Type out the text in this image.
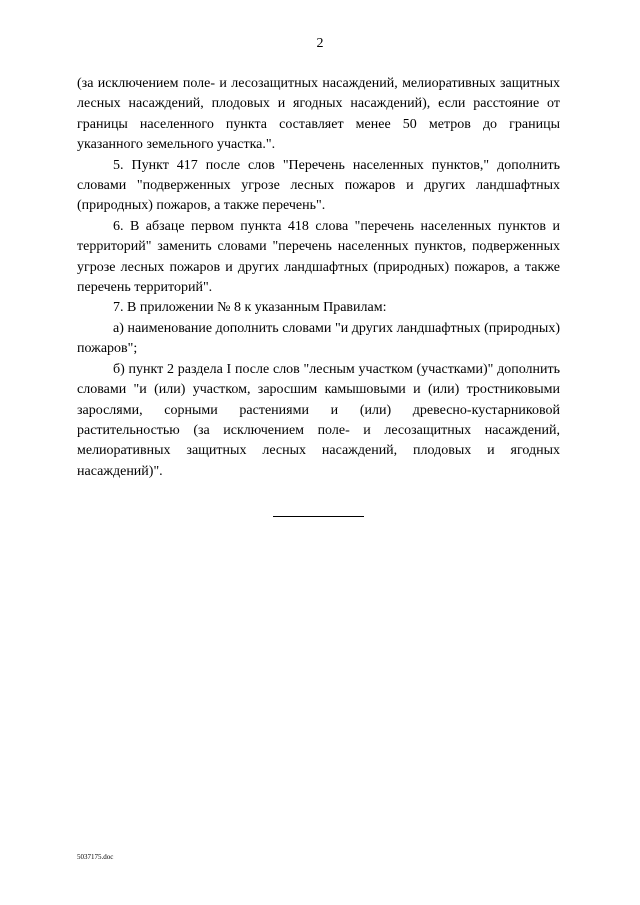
2

(за исключением поле- и лесозащитных насаждений, мелиоративных защитных лесных насаждений, плодовых и ягодных насаждений), если расстояние от границы населенного пункта составляет менее 50 метров до границы указанного земельного участка.".

5. Пункт 417 после слов "Перечень населенных пунктов," дополнить словами "подверженных угрозе лесных пожаров и других ландшафтных (природных) пожаров, а также перечень".

6. В абзаце первом пункта 418 слова "перечень населенных пунктов и территорий" заменить словами "перечень населенных пунктов, подверженных угрозе лесных пожаров и других ландшафтных (природных) пожаров, а также перечень территорий".

7. В приложении № 8 к указанным Правилам:

а) наименование дополнить словами "и других ландшафтных (природных) пожаров";

б) пункт 2 раздела I после слов "лесным участком (участками)" дополнить словами "и (или) участком, заросшим камышовыми и (или) тростниковыми зарослями, сорными растениями и (или) древесно-кустарниковой растительностью (за исключением поле- и лесозащитных насаждений, мелиоративных защитных лесных насаждений, плодовых и ягодных насаждений)".

5037175.doc
